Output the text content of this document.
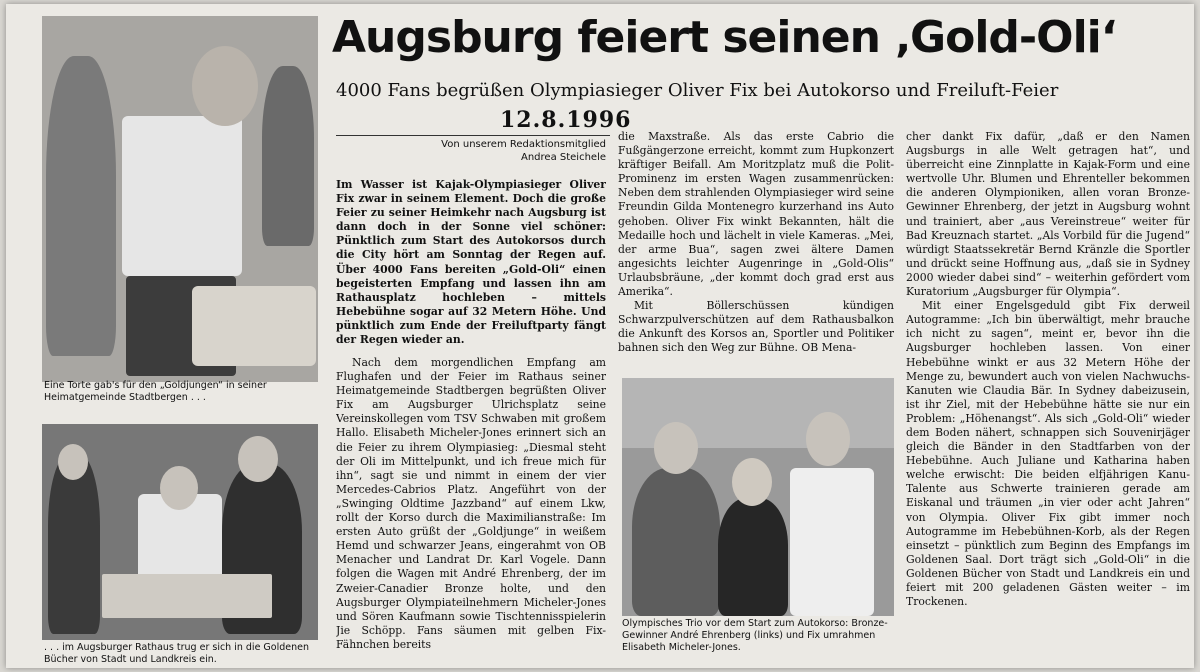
Eine Torte gab's für den „Goldjungen“ in seiner Heimatgemeinde Stadtbergen . . .
. . . im Augsburger Rathaus trug er sich in die Goldenen Bücher von Stadt und Landkreis ein.
Augsburg feiert seinen ‚Gold-Oli‘
4000 Fans begrüßen Olympiasieger Oliver Fix bei Autokorso und Freiluft-Feier
12.8.1996
Von unserem Redaktionsmitglied
Andrea Steichele

Im Wasser ist Kajak-Olympiasieger Oliver Fix zwar in seinem Element. Doch die große Feier zu seiner Heimkehr nach Augsburg ist dann doch in der Sonne viel schöner: Pünktlich zum Start des Autokorsos durch die City hört am Sonntag der Regen auf. Über 4000 Fans bereiten „Gold-Oli“ einen begeisterten Empfang und lassen ihn am Rathausplatz hochleben – mittels Hebebühne sogar auf 32 Metern Höhe. Und pünktlich zum Ende der Freiluftparty fängt der Regen wieder an.

Nach dem morgendlichen Empfang am Flughafen und der Feier im Rathaus seiner Heimatgemeinde Stadtbergen begrüßten Oliver Fix am Augsburger Ulrichsplatz seine Vereinskollegen vom TSV Schwaben mit großem Hallo. Elisabeth Micheler-Jones erinnert sich an die Feier zu ihrem Olympiasieg: „Diesmal steht der Oli im Mittelpunkt, und ich freue mich für ihn“, sagt sie und nimmt in einem der vier Mercedes-Cabrios Platz. Angeführt von der „Swinging Oldtime Jazzband“ auf einem Lkw, rollt der Korso durch die Maximilianstraße: Im ersten Auto grüßt der „Goldjunge“ in weißem Hemd und schwarzer Jeans, eingerahmt von OB Menacher und Landrat Dr. Karl Vogele. Dann folgen die Wagen mit André Ehrenberg, der im Zweier-Canadier Bronze holte, und den Augsburger Olympiateilnehmern Micheler-Jones und Sören Kaufmann sowie Tischtennisspielerin Jie Schöpp. Fans säumen mit gelben Fix-Fähnchen bereits

die Maxstraße. Als das erste Cabrio die Fußgängerzone erreicht, kommt zum Hupkonzert kräftiger Beifall. Am Moritzplatz muß die Polit-Prominenz im ersten Wagen zusammenrücken: Neben dem strahlenden Olympiasieger wird seine Freundin Gilda Montenegro kurzerhand ins Auto gehoben. Oliver Fix winkt Bekannten, hält die Medaille hoch und lächelt in viele Kameras. „Mei, der arme Bua“, sagen zwei ältere Damen angesichts leichter Augenringe in „Gold-Olis“ Urlaubsbräune, „der kommt doch grad erst aus Amerika“.

Mit Böllerschüssen kündigen Schwarzpulverschützen auf dem Rathausbalkon die Ankunft des Korsos an, Sportler und Politiker bahnen sich den Weg zur Bühne. OB Mena-

Olympisches Trio vor dem Start zum Autokorso: Bronze-Gewinner André Ehrenberg (links) und Fix umrahmen Elisabeth Micheler-Jones.

cher dankt Fix dafür, „daß er den Namen Augsburgs in alle Welt getragen hat“, und überreicht eine Zinnplatte in Kajak-Form und eine wertvolle Uhr. Blumen und Ehrenteller bekommen die anderen Olympioniken, allen voran Bronze-Gewinner Ehrenberg, der jetzt in Augsburg wohnt und trainiert, aber „aus Vereinstreue“ weiter für Bad Kreuznach startet. „Als Vorbild für die Jugend“ würdigt Staatssekretär Bernd Kränzle die Sportler und drückt seine Hoffnung aus, „daß sie in Sydney 2000 wieder dabei sind“ – weiterhin gefördert vom Kuratorium „Augsburger für Olympia“.

Mit einer Engelsgeduld gibt Fix derweil Autogramme: „Ich bin überwältigt, mehr brauche ich nicht zu sagen“, meint er, bevor ihn die Augsburger hochleben lassen. Von einer Hebebühne winkt er aus 32 Metern Höhe der Menge zu, bewundert auch von vielen Nachwuchs-Kanuten wie Claudia Bär. In Sydney dabeizusein, ist ihr Ziel, mit der Hebebühne hätte sie nur ein Problem: „Höhenangst“. Als sich „Gold-Oli“ wieder dem Boden nähert, schnappen sich Souvenirjäger gleich die Bänder in den Stadtfarben von der Hebebühne. Auch Juliane und Katharina haben welche erwischt: Die beiden elfjährigen Kanu-Talente aus Schwerte trainieren gerade am Eiskanal und träumen „in vier oder acht Jahren“ von Olympia. Oliver Fix gibt immer noch Autogramme im Hebebühnen-Korb, als der Regen einsetzt – pünktlich zum Beginn des Empfangs im Goldenen Saal. Dort trägt sich „Gold-Oli“ in die Goldenen Bücher von Stadt und Landkreis ein und feiert mit 200 geladenen Gästen weiter – im Trockenen.
